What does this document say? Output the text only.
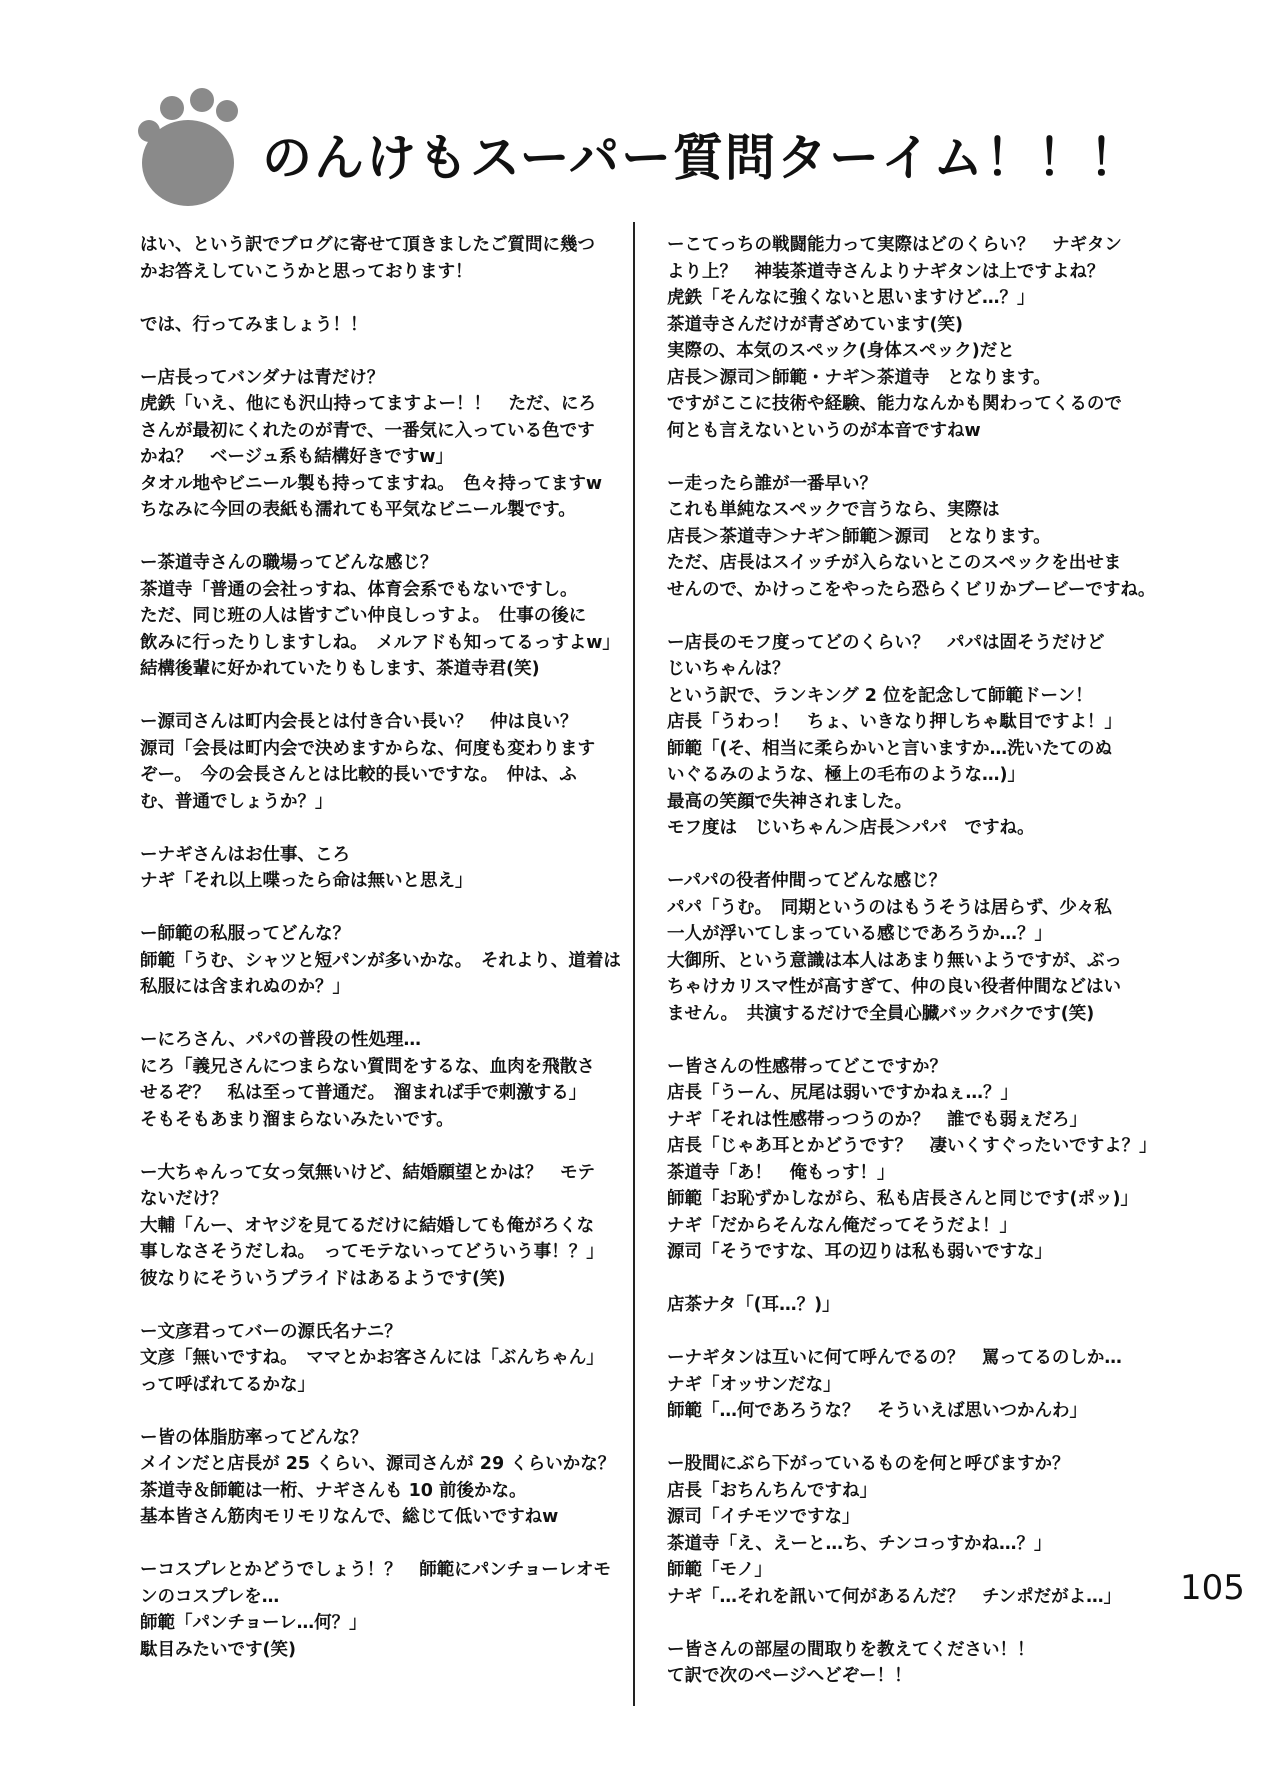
のんけもスーパー質問ターイム！！！
はい、という訳でブログに寄せて頂きましたご質問に幾つ
かお答えしていこうかと思っております！
では、行ってみましょう！！
ー店長ってバンダナは青だけ？
虎鉄「いえ、他にも沢山持ってますよー！！　ただ、にろ
さんが最初にくれたのが青で、一番気に入っている色です
かね？　ベージュ系も結構好きですw」
タオル地やビニール製も持ってますね。　色々持ってますw
ちなみに今回の表紙も濡れても平気なビニール製です。
ー茶道寺さんの職場ってどんな感じ？
茶道寺「普通の会社っすね、体育会系でもないですし。
ただ、同じ班の人は皆すごい仲良しっすよ。　仕事の後に
飲みに行ったりしますしね。　メルアドも知ってるっすよw」
結構後輩に好かれていたりもします、茶道寺君(笑)
ー源司さんは町内会長とは付き合い長い？　仲は良い？
源司「会長は町内会で決めますからな、何度も変わります
ぞー。　今の会長さんとは比較的長いですな。　仲は、ふ
む、普通でしょうか？」
ーナギさんはお仕事、ころ
ナギ「それ以上喋ったら命は無いと思え」
ー師範の私服ってどんな？
師範「うむ、シャツと短パンが多いかな。　それより、道着は
私服には含まれぬのか？」
ーにろさん、パパの普段の性処理…
にろ「義兄さんにつまらない質問をするな、血肉を飛散さ
せるぞ？　私は至って普通だ。　溜まれば手で刺激する」
そもそもあまり溜まらないみたいです。
ー大ちゃんって女っ気無いけど、結婚願望とかは？　モテ
ないだけ？
大輔「んー、オヤジを見てるだけに結婚しても俺がろくな
事しなさそうだしね。　ってモテないってどういう事！？」
彼なりにそういうプライドはあるようです(笑)
ー文彦君ってバーの源氏名ナニ？
文彦「無いですね。　ママとかお客さんには「ぶんちゃん」
って呼ばれてるかな」
ー皆の体脂肪率ってどんな？
メインだと店長が 25 くらい、源司さんが 29 くらいかな？
茶道寺＆師範は一桁、ナギさんも 10 前後かな。
基本皆さん筋肉モリモリなんで、総じて低いですねw
ーコスプレとかどうでしょう！？　師範にパンチョーレオモ
ンのコスプレを…
師範「パンチョーレ…何？」
駄目みたいです(笑)
ーこてっちの戦闘能力って実際はどのくらい？　ナギタン
より上？　神装茶道寺さんよりナギタンは上ですよね？
虎鉄「そんなに強くないと思いますけど…？」
茶道寺さんだけが青ざめています(笑)
実際の、本気のスペック(身体スペック)だと
店長＞源司＞師範・ナギ＞茶道寺　となります。
ですがここに技術や経験、能力なんかも関わってくるので
何とも言えないというのが本音ですねw
ー走ったら誰が一番早い？
これも単純なスペックで言うなら、実際は
店長＞茶道寺＞ナギ＞師範＞源司　となります。
ただ、店長はスイッチが入らないとこのスペックを出せま
せんので、かけっこをやったら恐らくビリかブービーですね。
ー店長のモフ度ってどのくらい？　パパは固そうだけど
じいちゃんは？
という訳で、ランキング 2 位を記念して師範ドーン！
店長「うわっ！　ちょ、いきなり押しちゃ駄目ですよ！」
師範「(そ、相当に柔らかいと言いますか…洗いたてのぬ
いぐるみのような、極上の毛布のような…)」
最高の笑顔で失神されました。
モフ度は　じいちゃん＞店長＞パパ　ですね。
ーパパの役者仲間ってどんな感じ？
パパ「うむ。　同期というのはもうそうは居らず、少々私
一人が浮いてしまっている感じであろうか…？」
大御所、という意識は本人はあまり無いようですが、ぶっ
ちゃけカリスマ性が高すぎて、仲の良い役者仲間などはい
ません。　共演するだけで全員心臓バックバクです(笑)
ー皆さんの性感帯ってどこですか？
店長「うーん、尻尾は弱いですかねぇ…？」
ナギ「それは性感帯っつうのか？　誰でも弱ぇだろ」
店長「じゃあ耳とかどうです？　凄いくすぐったいですよ？」
茶道寺「あ！　俺もっす！」
師範「お恥ずかしながら、私も店長さんと同じです(ポッ)」
ナギ「だからそんなん俺だってそうだよ！」
源司「そうですな、耳の辺りは私も弱いですな」
店茶ナタ「(耳…？)」
ーナギタンは互いに何て呼んでるの？　罵ってるのしか…
ナギ「オッサンだな」
師範「…何であろうな？　そういえば思いつかんわ」
ー股間にぶら下がっているものを何と呼びますか？
店長「おちんちんですね」
源司「イチモツですな」
茶道寺「え、えーと…ち、チンコっすかね…？」
師範「モノ」
ナギ「…それを訊いて何があるんだ？　チンポだがよ…」
ー皆さんの部屋の間取りを教えてください！！
て訳で次のページへどぞー！！
105
